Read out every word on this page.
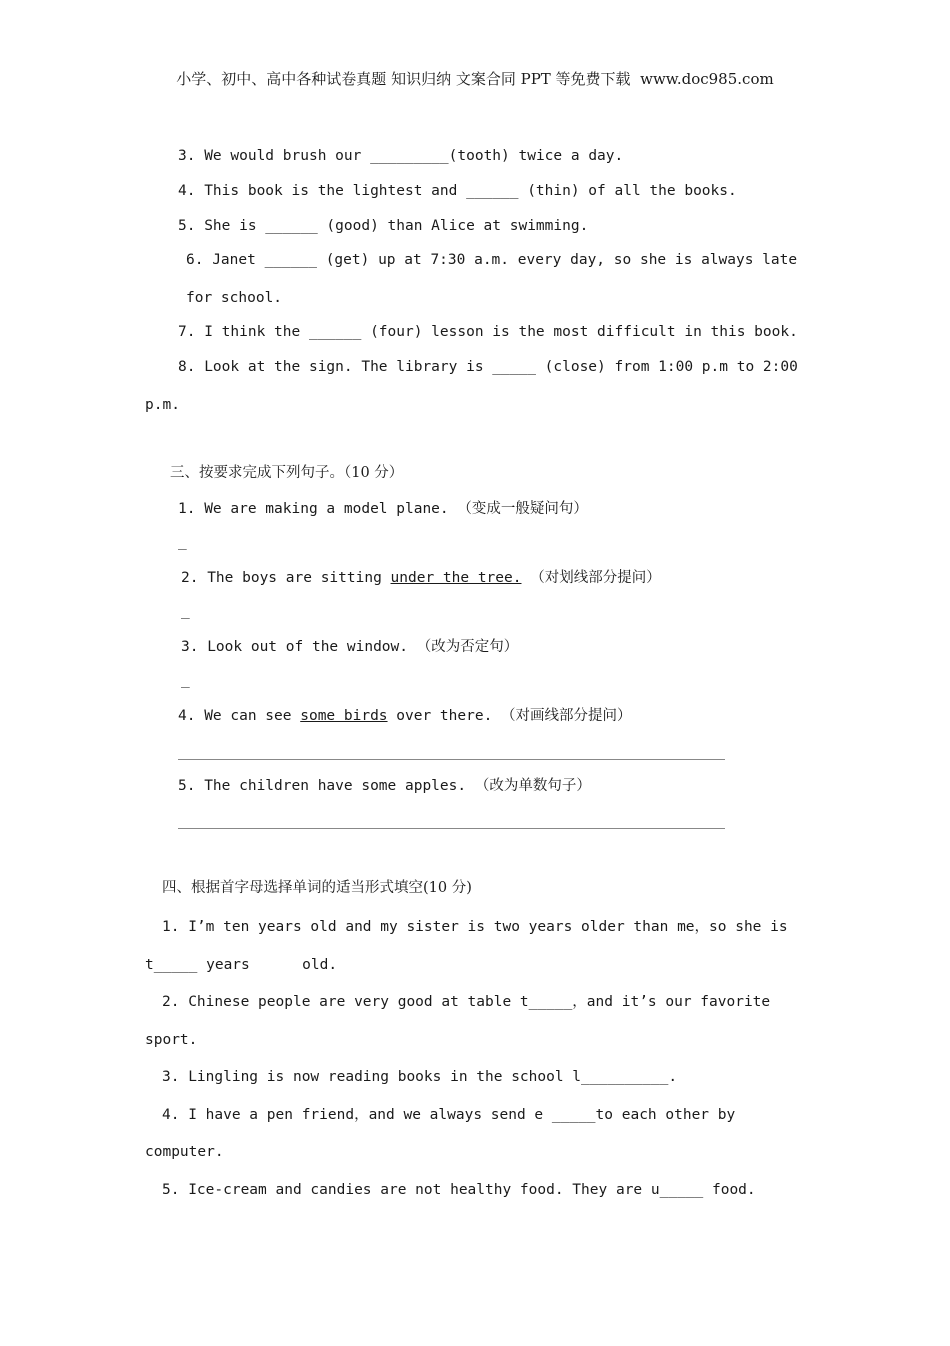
小学、初中、高中各种试卷真题 知识归纳 文案合同 PPT 等免费下载  www.doc985.com
3. We would brush our _________(tooth) twice a day.
4. This book is the lightest and ______ (thin) of all the books.
5. She is ______ (good) than Alice at swimming.
6. Janet ______ (get) up at 7:30 a.m. every day, so she is always late
for school.
7. I think the ______ (four) lesson is the most difficult in this book.
8. Look at the sign. The library is _____ (close) from 1:00 p.m to 2:00
p.m.
三、按要求完成下列句子。（10 分）
1. We are making a model plane. （变成一般疑问句）
_
2. The boys are sitting under the tree. （对划线部分提问）
_
3. Look out of the window. （改为否定句）
_
4. We can see some birds over there. （对画线部分提问）
5. The children have some apples. （改为单数句子）
四、根据首字母选择单词的适当形式填空(10 分)
1. I’m ten years old and my sister is two years older than me，so she is
t_____ years      old.
2. Chinese people are very good at table t_____，and it’s our favorite
sport.
3. Lingling is now reading books in the school l__________.
4. I have a pen friend，and we always send e _____to each other by
computer.
5. Ice-cream and candies are not healthy food. They are u_____ food.
